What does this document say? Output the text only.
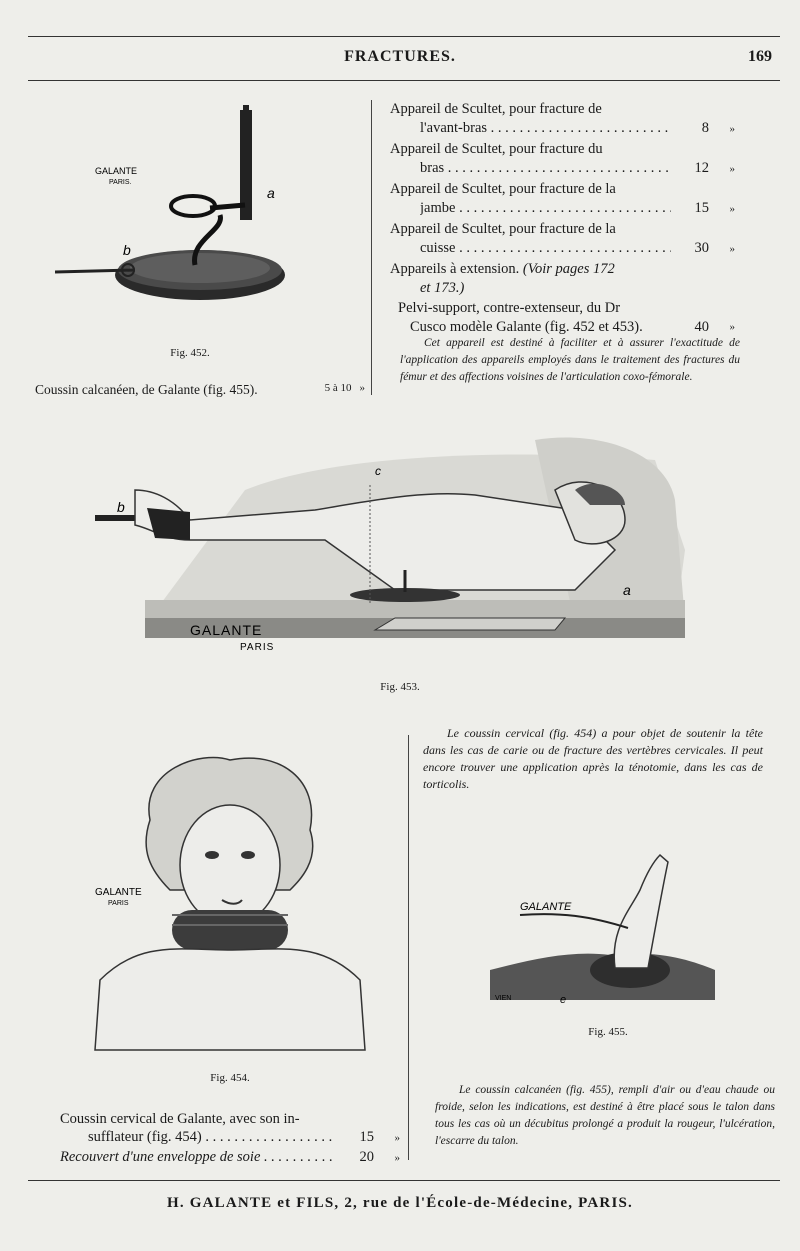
FRACTURES.	169
GALANTE
PARIS.
a
b
Fig. 452.
Coussin calcanéen, de Galante (fig. 455).	5 à 10 »
Appareil de Scultet, pour fracture de
l'avant-bras . . .	8	»
Appareil de Scultet, pour fracture du
bras . . .	12	»
Appareil de Scultet, pour fracture de la
jambe . . .	15	»
Appareil de Scultet, pour fracture de la
cuisse . . .	30	»
Appareils à extension. (Voir pages 172
et 173.)
Pelvi-support, contre-extenseur, du Dr
Cusco modèle Galante (fig. 452 et 453).	40	»
Cet appareil est destiné à faciliter et à assurer l'exactitude de l'application des appareils employés dans le traitement des fractures du fémur et des affections voisines de l'articulation coxo-fémorale.
GALANTE
PARIS
b
c
a
Fig. 453.
Le coussin cervical (fig. 454) a pour objet de soutenir la tête dans les cas de carie ou de fracture des vertèbres cervicales. Il peut encore trouver une application après la ténotomie, dans les cas de torticolis.
GALANTE
PARIS
Fig. 454.
GALANTE
VIEN	e
Fig. 455.
Coussin cervical de Galante, avec son in-
sufflateur (fig. 454) . . .	15	»
Recouvert d'une enveloppe de soie . . .	20	»
Le coussin calcanéen (fig. 455), rempli d'air ou d'eau chaude ou froide, selon les indications, est destiné à être placé sous le talon dans tous les cas où un décubitus prolongé a produit la rougeur, l'ulcération, l'escarre du talon.
H. GALANTE et FILS, 2, rue de l'École-de-Médecine, PARIS.
